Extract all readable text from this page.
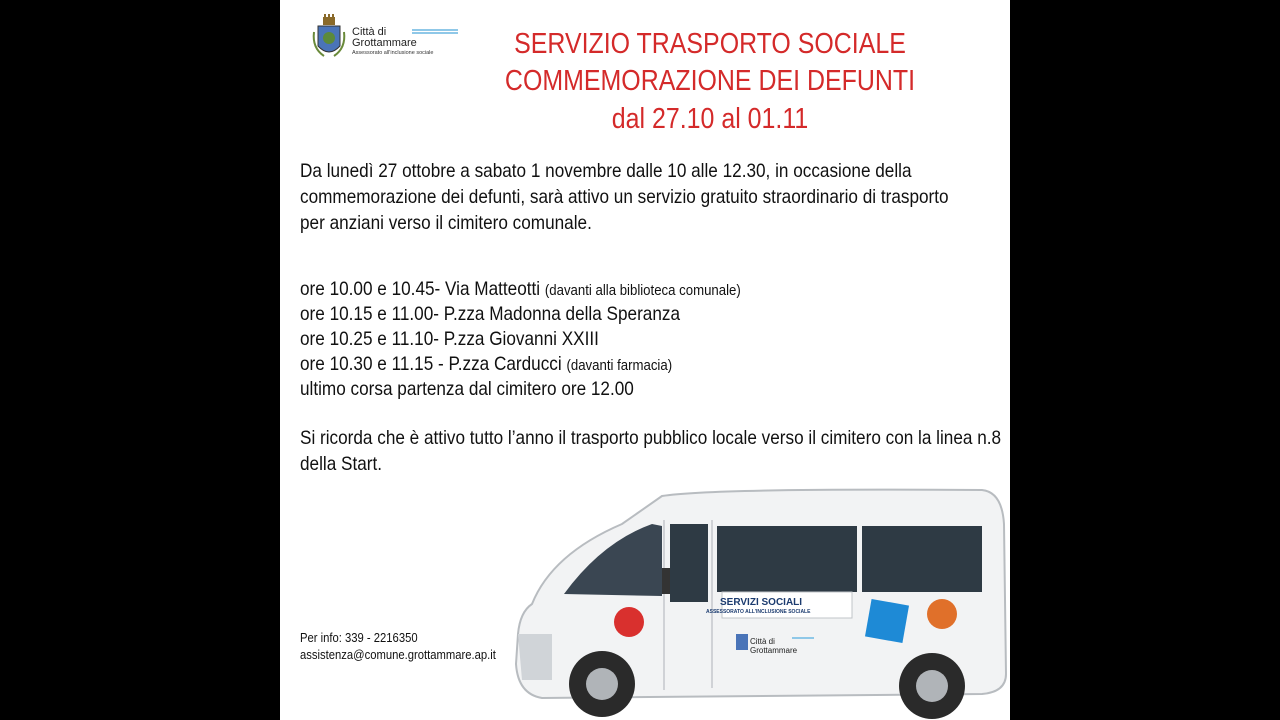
Città di
Grottammare
Assessorato all'inclusione sociale	SERVIZIO TRASPORTO SOCIALE
COMMEMORAZIONE DEI DEFUNTI
dal 27.10 al 01.11
Da lunedì 27 ottobre a sabato 1 novembre dalle 10 alle 12.30, in occasione della
commemorazione dei defunti, sarà attivo un servizio gratuito straordinario di trasporto
per anziani verso il cimitero comunale.
ore 10.00 e 10.45- Via Matteotti (davanti alla biblioteca comunale)
ore 10.15 e 11.00- P.zza Madonna della Speranza
ore 10.25 e 11.10- P.zza Giovanni XXIII
ore 10.30 e 11.15 - P.zza Carducci (davanti farmacia)
ultimo corsa partenza dal cimitero ore 12.00
Si ricorda che è attivo tutto l’anno il trasporto pubblico locale verso il cimitero con la linea n.8
della Start.
Per info: 339 - 2216350
assistenza@comune.grottammare.ap.it
SERVIZI SOCIALI
ASSESSORATO ALL'INCLUSIONE SOCIALE
Città di
Grottammare
